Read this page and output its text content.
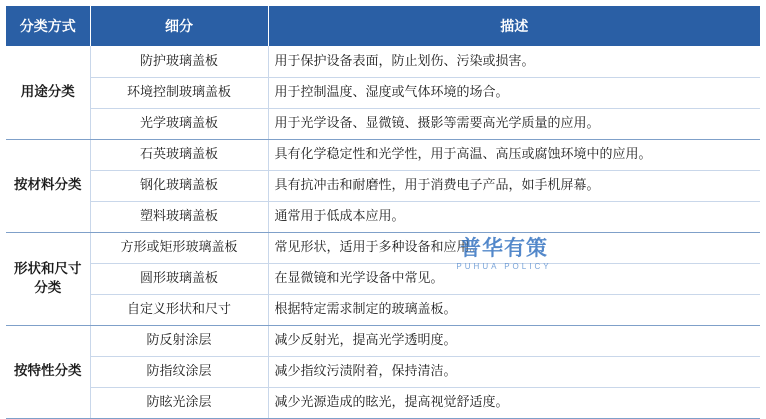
分类方式	细分	描述
用途分类	防护玻璃盖板	用于保护设备表面，防止划伤、污染或损害。
	环境控制玻璃盖板	用于控制温度、湿度或气体环境的场合。
	光学玻璃盖板	用于光学设备、显微镜、摄影等需要高光学质量的应用。
按材料分类	石英玻璃盖板	具有化学稳定性和光学性，用于高温、高压或腐蚀环境中的应用。
	钢化玻璃盖板	具有抗冲击和耐磨性，用于消费电子产品，如手机屏幕。
	塑料玻璃盖板	通常用于低成本应用。
形状和尺寸分类	方形或矩形玻璃盖板	常见形状，适用于多种设备和应用。
	圆形玻璃盖板	在显微镜和光学设备中常见。
	自定义形状和尺寸	根据特定需求制定的玻璃盖板。
按特性分类	防反射涂层	减少反射光，提高光学透明度。
	防指纹涂层	减少指纹污渍附着，保持清洁。
	防眩光涂层	减少光源造成的眩光，提高视觉舒适度。
普华有策
PUHUA POLICY
